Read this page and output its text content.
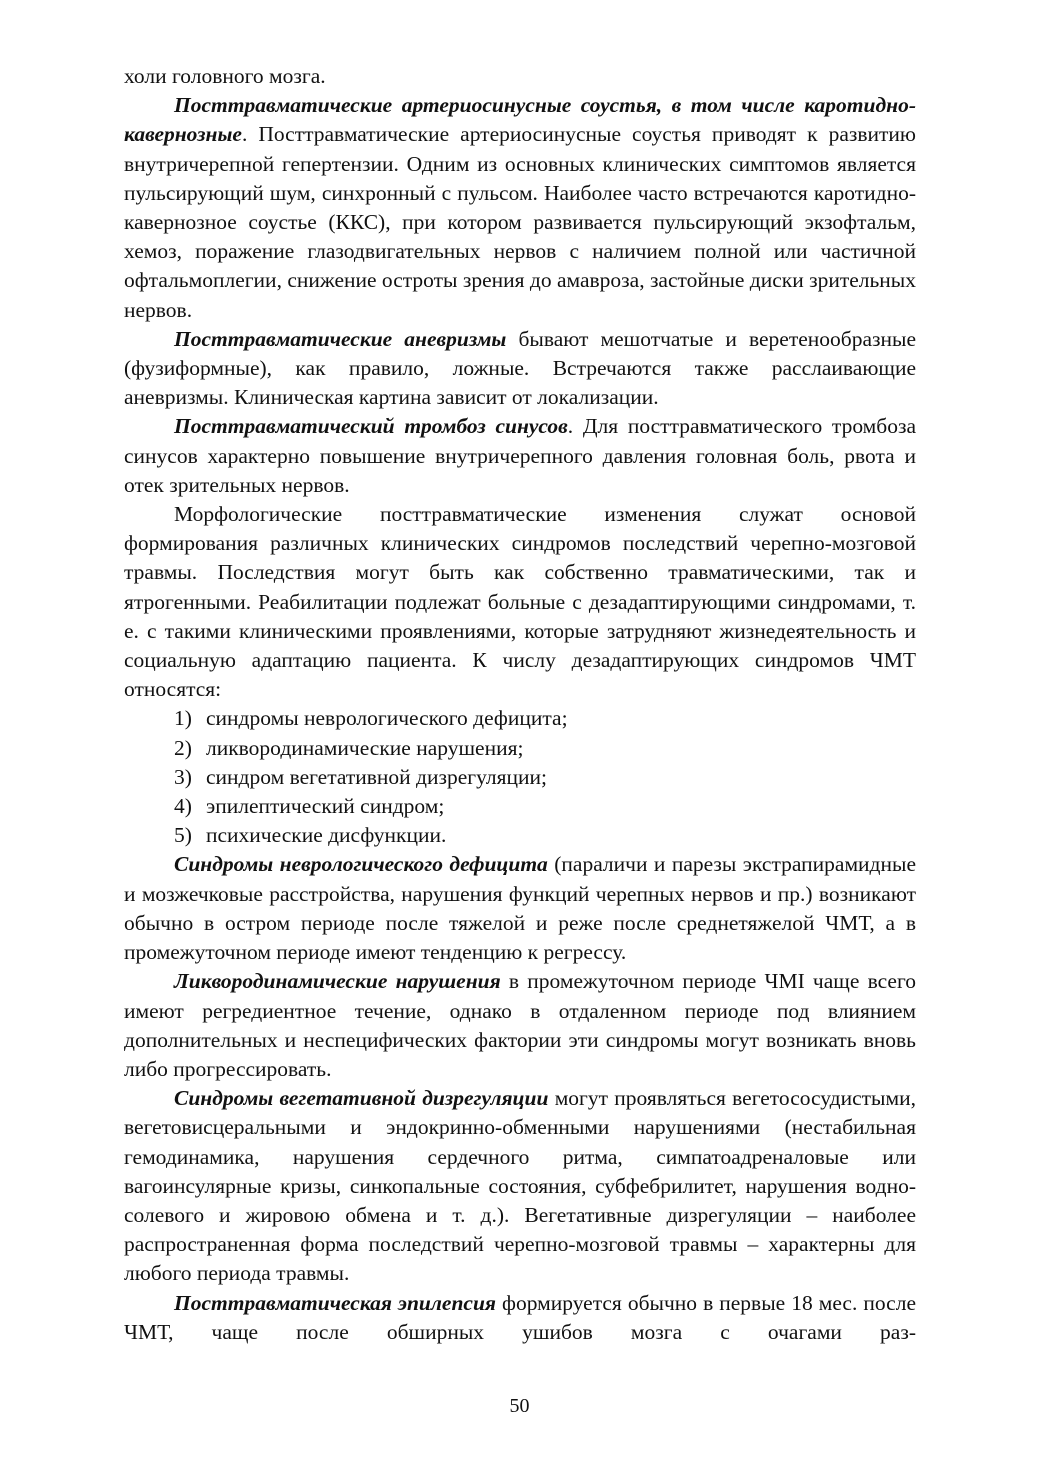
холи головного мозга.

Посттравматические артериосинусные соустья, в том числе каротидно-кавернозные. Посттравматические артериосинусные соустья приводят к развитию внутричерепной гепертензии. Одним из основных клинических симптомов является пульсирующий шум, синхронный с пульсом. Наиболее часто встречаются каротидно-кавернозное соустье (ККС), при котором развивается пульсирующий экзофтальм, хемоз, поражение глазодвигательных нервов с наличием полной или частичной офтальмоплегии, снижение остроты зрения до амавроза, застойные диски зрительных нервов.

Посттравматические аневризмы бывают мешотчатые и веретенообразные (фузиформные), как правило, ложные. Встречаются также расслаивающие аневризмы. Клиническая картина зависит от локализации.

Посттравматический тромбоз синусов. Для посттравматического тромбоза синусов характерно повышение внутричерепного давления головная боль, рвота и отек зрительных нервов.

Морфологические посттравматические изменения служат основой формирования различных клинических синдромов последствий черепно-мозговой травмы. Последствия могут быть как собственно травматическими, так и ятрогенными. Реабилитации подлежат больные с дезадаптирующими синдромами, т. е. с такими клиническими проявлениями, которые затрудняют жизнедеятельность и социальную адаптацию пациента. К числу дезадаптирующих синдромов ЧМТ относятся:

1) синдромы неврологического дефицита;

2) ликвородинамические нарушения;

3) синдром вегетативной дизрегуляции;

4) эпилептический синдром;

5) психические дисфункции.

Синдромы неврологического дефицита (параличи и парезы экстрапирамидные и мозжечковые расстройства, нарушения функций черепных нервов и пр.) возникают обычно в остром периоде после тяжелой и реже после среднетяжелой ЧМТ, а в промежуточном периоде имеют тенденцию к регрессу.

Ликвородинамические нарушения в промежуточном периоде ЧМI чаще всего имеют регредиентное течение, однако в отдаленном периоде под влиянием дополнительных и неспецифических фактории эти синдромы могут возникать вновь либо прогрессировать.

Синдромы вегетативной дизрегуляции могут проявляться вегетососудистыми, вегетовисцеральными и эндокринно-обменными нарушениями (нестабильная гемодинамика, нарушения сердечного ритма, симпатоадреналовые или вагоинсулярные кризы, синкопальные состояния, субфебрилитет, нарушения водно-солевого и жировою обмена и т. д.). Вегетативные дизрегуляции – наиболее распространенная форма последствий черепно-мозговой травмы – характерны для любого периода травмы.

Посттравматическая эпилепсия формируется обычно в первые 18 мес. после ЧМТ, чаще после обширных ушибов мозга с очагами раз-

50
